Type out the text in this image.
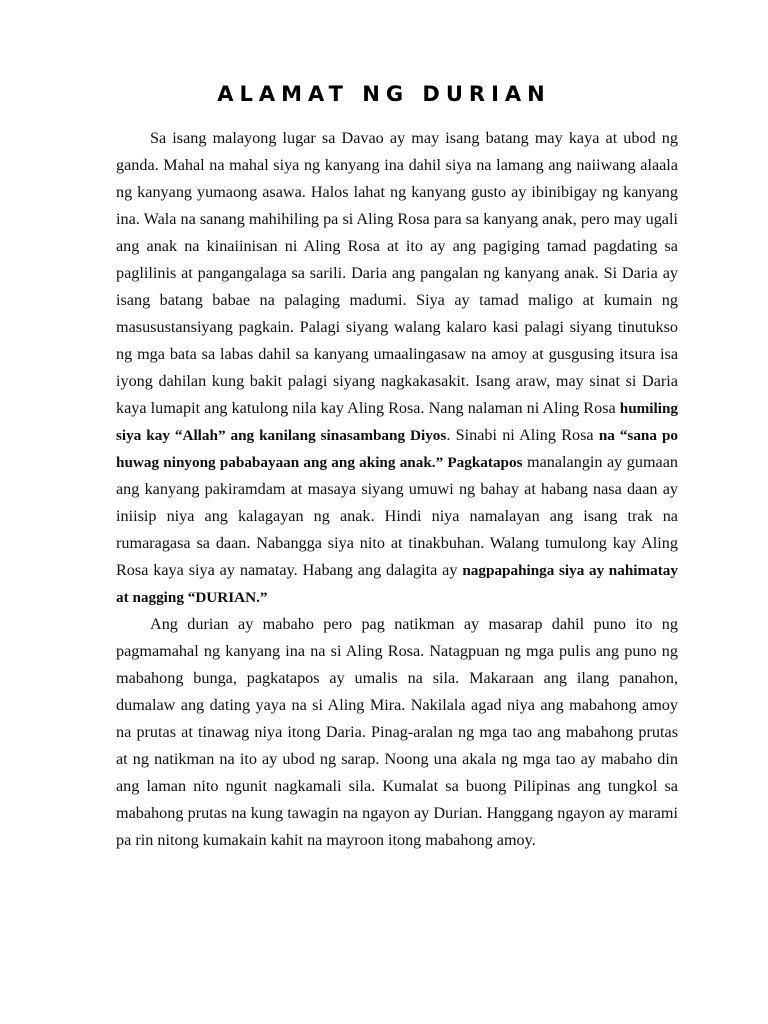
ALAMAT NG DURIAN

Sa isang malayong lugar sa Davao ay may isang batang may kaya at ubod ng ganda. Mahal na mahal siya ng kanyang ina dahil siya na lamang ang naiiwang alaala ng kanyang yumaong asawa. Halos lahat ng kanyang gusto ay ibinibigay ng kanyang ina. Wala na sanang mahihiling pa si Aling Rosa para sa kanyang anak, pero may ugali ang anak na kinaiinisan ni Aling Rosa at ito ay ang pagiging tamad pagdating sa paglilinis at pangangalaga sa sarili. Daria ang pangalan ng kanyang anak. Si Daria ay isang batang babae na palaging madumi. Siya ay tamad maligo at kumain ng masusustansiyang pagkain. Palagi siyang walang kalaro kasi palagi siyang tinutukso ng mga bata sa labas dahil sa kanyang umaalingasaw na amoy at gusgusing itsura isa iyong dahilan kung bakit palagi siyang nagkakasakit. Isang araw, may sinat si Daria kaya lumapit ang katulong nila kay Aling Rosa. Nang nalaman ni Aling Rosa humiling siya kay “Allah” ang kanilang sinasambang Diyos. Sinabi ni Aling Rosa na “sana po huwag ninyong pababayaan ang ang aking anak.” Pagkatapos manalangin ay gumaan ang kanyang pakiramdam at masaya siyang umuwi ng bahay at habang nasa daan ay iniisip niya ang kalagayan ng anak. Hindi niya namalayan ang isang trak na rumaragasa sa daan. Nabangga siya nito at tinakbuhan. Walang tumulong kay Aling Rosa kaya siya ay namatay. Habang ang dalagita ay nagpapahinga siya ay nahimatay at nagging “DURIAN.”

Ang durian ay mabaho pero pag natikman ay masarap dahil puno ito ng pagmamahal ng kanyang ina na si Aling Rosa. Natagpuan ng mga pulis ang puno ng mabahong bunga, pagkatapos ay umalis na sila. Makaraan ang ilang panahon, dumalaw ang dating yaya na si Aling Mira. Nakilala agad niya ang mabahong amoy na prutas at tinawag niya itong Daria. Pinag-aralan ng mga tao ang mabahong prutas at ng natikman na ito ay ubod ng sarap. Noong una akala ng mga tao ay mabaho din ang laman nito ngunit nagkamali sila. Kumalat sa buong Pilipinas ang tungkol sa mabahong prutas na kung tawagin na ngayon ay Durian. Hanggang ngayon ay marami pa rin nitong kumakain kahit na mayroon itong mabahong amoy.
